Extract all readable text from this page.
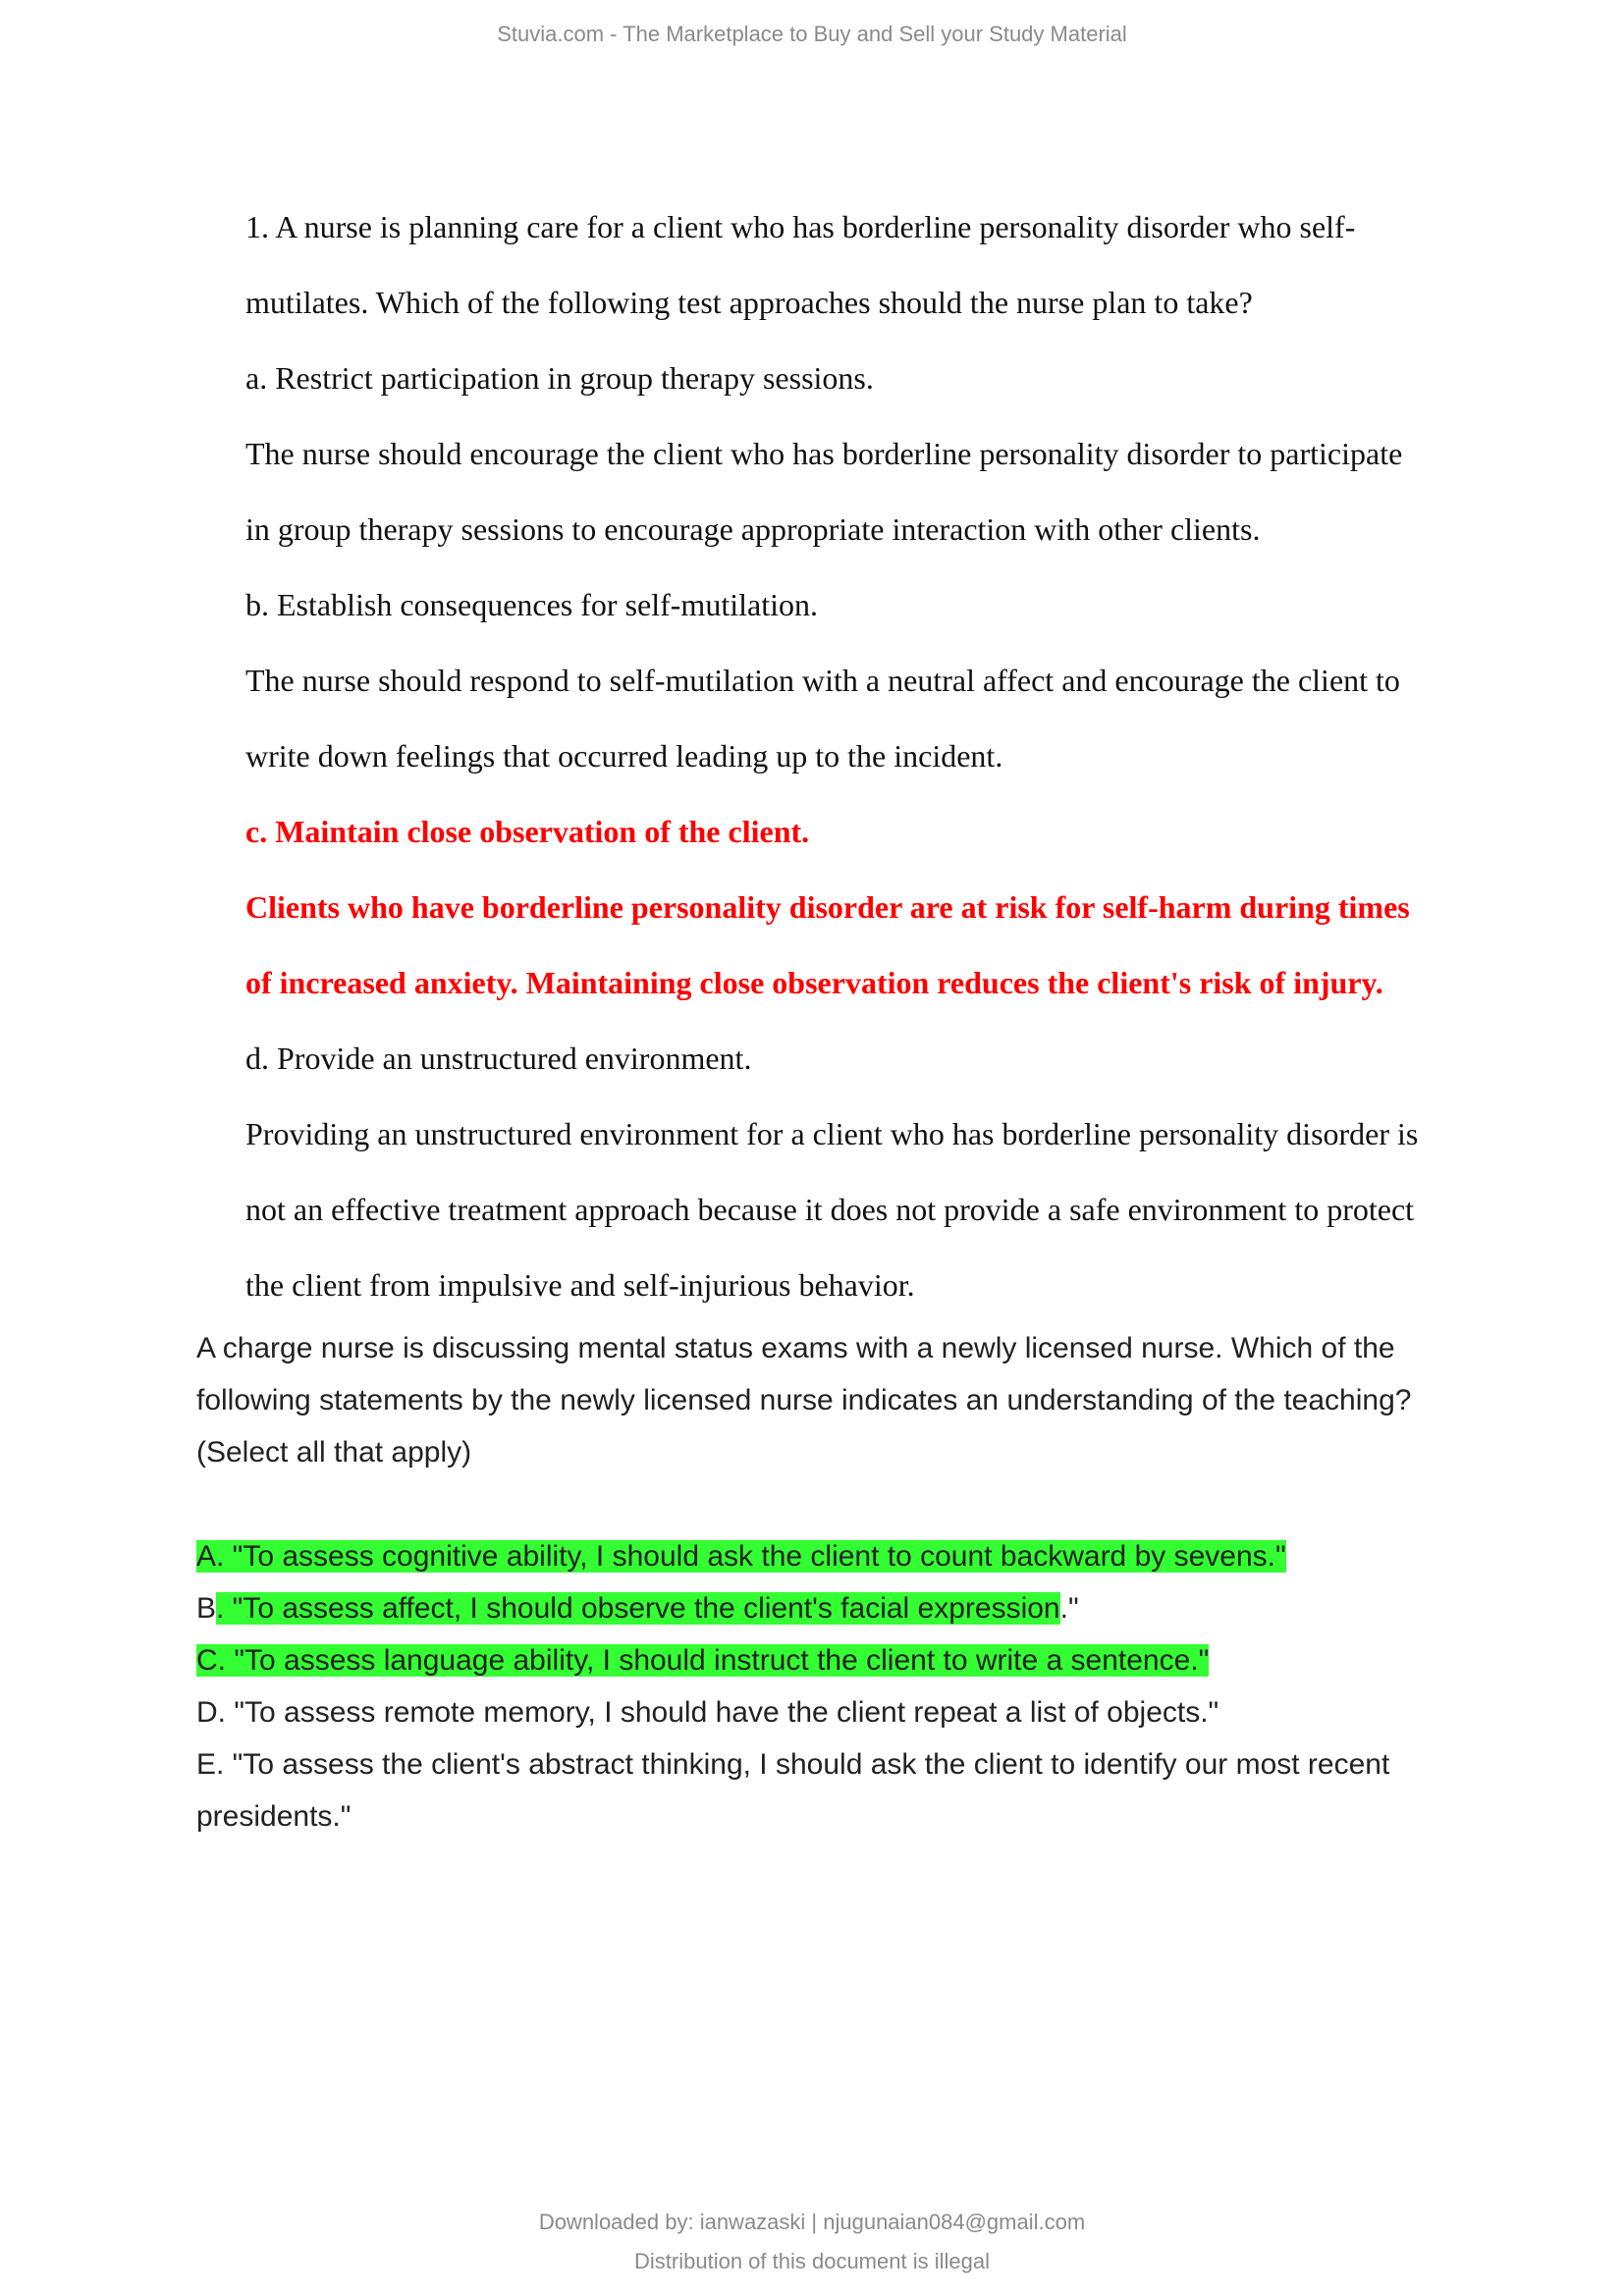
Stuvia.com - The Marketplace to Buy and Sell your Study Material

1. A nurse is planning care for a client who has borderline personality disorder who self-

mutilates. Which of the following test approaches should the nurse plan to take?

a. Restrict participation in group therapy sessions.

The nurse should encourage the client who has borderline personality disorder to participate

in group therapy sessions to encourage appropriate interaction with other clients.

b. Establish consequences for self-mutilation.

The nurse should respond to self-mutilation with a neutral affect and encourage the client to

write down feelings that occurred leading up to the incident.

c. Maintain close observation of the client.

Clients who have borderline personality disorder are at risk for self-harm during times

of increased anxiety. Maintaining close observation reduces the client's risk of injury.

d. Provide an unstructured environment.

Providing an unstructured environment for a client who has borderline personality disorder is

not an effective treatment approach because it does not provide a safe environment to protect

the client from impulsive and self-injurious behavior.

A charge nurse is discussing mental status exams with a newly licensed nurse. Which of the

following statements by the newly licensed nurse indicates an understanding of the teaching?

(Select all that apply)

A. "To assess cognitive ability, I should ask the client to count backward by sevens."

B. "To assess affect, I should observe the client's facial expression."

C. "To assess language ability, I should instruct the client to write a sentence."

D. "To assess remote memory, I should have the client repeat a list of objects."

E. "To assess the client's abstract thinking, I should ask the client to identify our most recent

presidents."

Downloaded by: ianwazaski | njugunaian084@gmail.com
Distribution of this document is illegal
